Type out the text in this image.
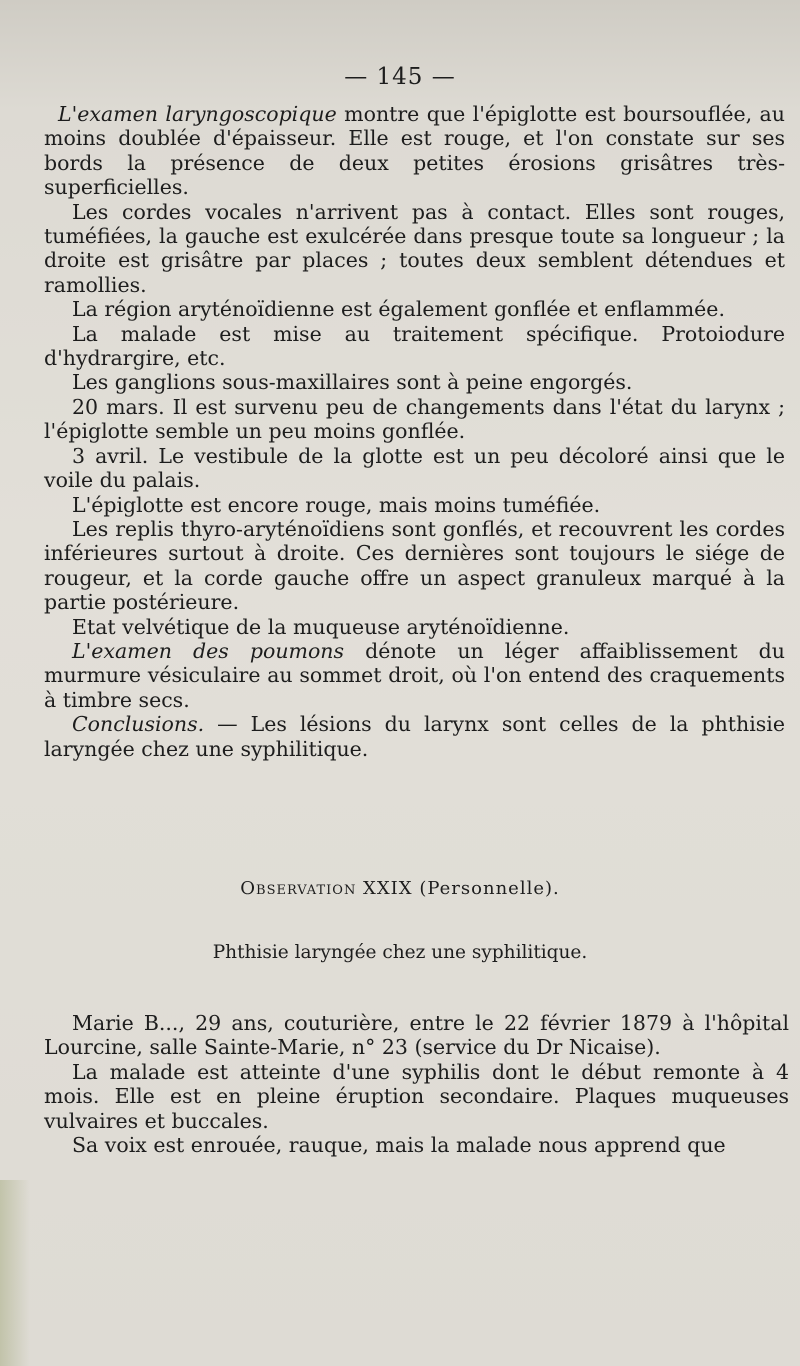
— 145 —

L'examen laryngoscopique montre que l'épiglotte est boursouflée, au moins doublée d'épaisseur. Elle est rouge, et l'on constate sur ses bords la présence de deux petites érosions grisâtres très-superficielles.

Les cordes vocales n'arrivent pas à contact. Elles sont rouges, tuméfiées, la gauche est exulcérée dans presque toute sa longueur ; la droite est grisâtre par places ; toutes deux semblent détendues et ramollies.

La région aryténoïdienne est également gonflée et enflammée.

La malade est mise au traitement spécifique. Protoiodure d'hydrargire, etc.

Les ganglions sous-maxillaires sont à peine engorgés.

20 mars. Il est survenu peu de changements dans l'état du larynx ; l'épiglotte semble un peu moins gonflée.

3 avril. Le vestibule de la glotte est un peu décoloré ainsi que le voile du palais.

L'épiglotte est encore rouge, mais moins tuméfiée.

Les replis thyro-aryténoïdiens sont gonflés, et recouvrent les cordes inférieures surtout à droite. Ces dernières sont toujours le siége de rougeur, et la corde gauche offre un aspect granuleux marqué à la partie postérieure.

Etat velvétique de la muqueuse aryténoïdienne.

L'examen des poumons dénote un léger affaiblissement du murmure vésiculaire au sommet droit, où l'on entend des craquements à timbre secs.

Conclusions. — Les lésions du larynx sont celles de la phthisie laryngée chez une syphilitique.

Observation XXIX (Personnelle).
Phthisie laryngée chez une syphilitique.

Marie B..., 29 ans, couturière, entre le 22 février 1879 à l'hôpital Lourcine, salle Sainte-Marie, n° 23 (service du Dr Nicaise).

La malade est atteinte d'une syphilis dont le début remonte à 4 mois. Elle est en pleine éruption secondaire. Plaques muqueuses vulvaires et buccales.

Sa voix est enrouée, rauque, mais la malade nous apprend que
